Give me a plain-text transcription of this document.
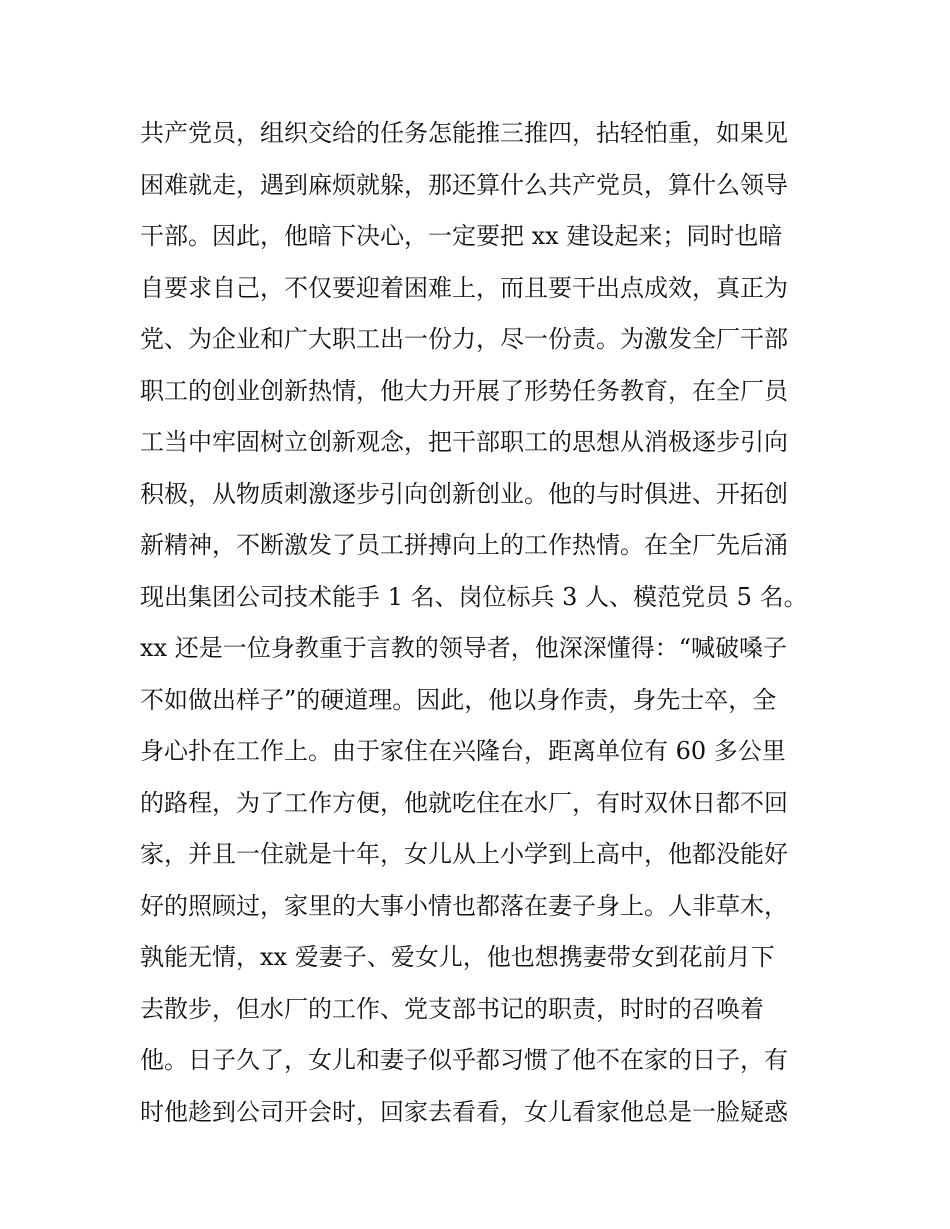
共产党员，组织交给的任务怎能推三推四，拈轻怕重，如果见
困难就走，遇到麻烦就躲，那还算什么共产党员，算什么领导
干部。因此，他暗下决心，一定要把 xx 建设起来；同时也暗
自要求自己，不仅要迎着困难上，而且要干出点成效，真正为
党、为企业和广大职工出一份力，尽一份责。为激发全厂干部
职工的创业创新热情，他大力开展了形势任务教育，在全厂员
工当中牢固树立创新观念，把干部职工的思想从消极逐步引向
积极，从物质刺激逐步引向创新创业。他的与时俱进、开拓创
新精神，不断激发了员工拼搏向上的工作热情。在全厂先后涌
现出集团公司技术能手 1 名、岗位标兵 3 人、模范党员 5 名。
xx 还是一位身教重于言教的领导者，他深深懂得：“喊破嗓子
不如做出样子”的硬道理。因此，他以身作责，身先士卒，全
身心扑在工作上。由于家住在兴隆台，距离单位有 60 多公里
的路程，为了工作方便，他就吃住在水厂，有时双休日都不回
家，并且一住就是十年，女儿从上小学到上高中，他都没能好
好的照顾过，家里的大事小情也都落在妻子身上。人非草木，
孰能无情，xx 爱妻子、爱女儿，他也想携妻带女到花前月下
去散步，但水厂的工作、党支部书记的职责，时时的召唤着
他。日子久了，女儿和妻子似乎都习惯了他不在家的日子，有
时他趁到公司开会时，回家去看看，女儿看家他总是一脸疑惑
